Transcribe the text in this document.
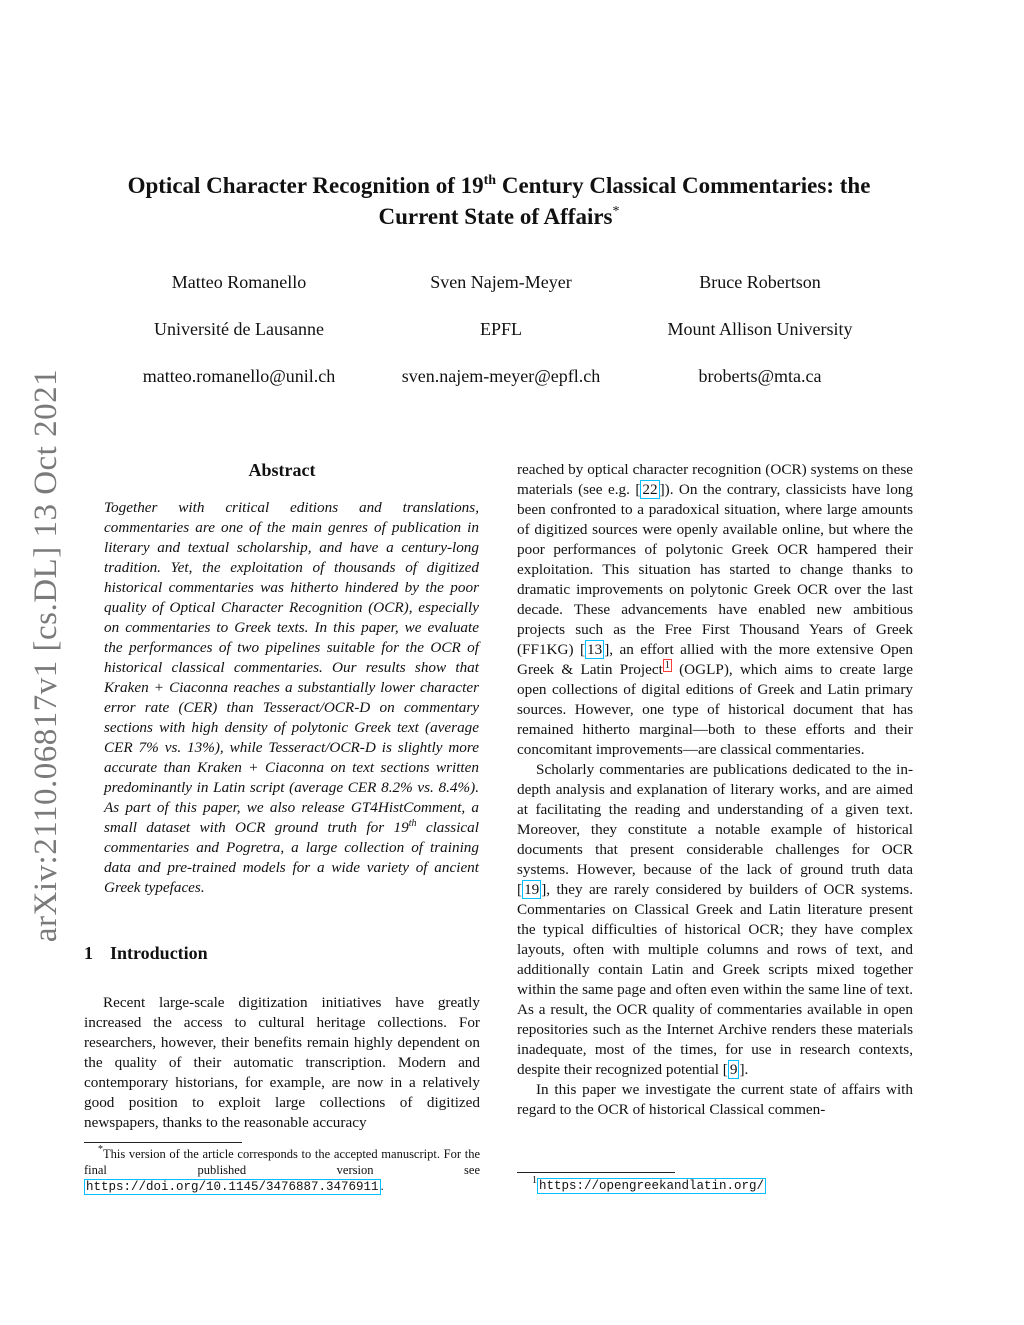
arXiv:2110.06817v1 [cs.DL] 13 Oct 2021
Optical Character Recognition of 19th Century Classical Commentaries: the
Current State of Affairs*
Matteo Romanello
Université de Lausanne
matteo.romanello@unil.ch
Sven Najem-Meyer
EPFL
sven.najem-meyer@epfl.ch
Bruce Robertson
Mount Allison University
broberts@mta.ca
Abstract

Together with critical editions and translations, commentaries are one of the main genres of publication in literary and textual scholarship, and have a century-long tradition. Yet, the exploitation of thousands of digitized historical commentaries was hitherto hindered by the poor quality of Optical Character Recognition (OCR), especially on commentaries to Greek texts. In this paper, we evaluate the performances of two pipelines suitable for the OCR of historical classical commentaries. Our results show that Kraken + Ciaconna reaches a substantially lower character error rate (CER) than Tesseract/OCR-D on commentary sections with high density of polytonic Greek text (average CER 7% vs. 13%), while Tesseract/OCR-D is slightly more accurate than Kraken + Ciaconna on text sections written predominantly in Latin script (average CER 8.2% vs. 8.4%). As part of this paper, we also release GT4HistComment, a small dataset with OCR ground truth for 19th classical commentaries and Pogretra, a large collection of training data and pre-trained models for a wide variety of ancient Greek typefaces.

1 Introduction

Recent large-scale digitization initiatives have greatly increased the access to cultural heritage collections. For researchers, however, their benefits remain highly dependent on the quality of their automatic transcription. Modern and contemporary historians, for example, are now in a relatively good position to exploit large collections of digitized newspapers, thanks to the reasonable accuracy

reached by optical character recognition (OCR) systems on these materials (see e.g. [ 22 ]). On the contrary, classicists have long been confronted to a paradoxical situation, where large amounts of digitized sources were openly available online, but where the poor performances of polytonic Greek OCR hampered their exploitation. This situation has started to change thanks to dramatic improvements on polytonic Greek OCR over the last decade. These advancements have enabled new ambitious projects such as the Free First Thousand Years of Greek (FF1KG) [ 13 ], an effort allied with the more extensive Open Greek & Latin Project $^1$ (OGLP), which aims to create large open collections of digital editions of Greek and Latin primary sources. However, one type of historical document that has remained hitherto marginal—both to these efforts and their concomitant improvements—are classical commentaries.

Scholarly commentaries are publications dedicated to the in-depth analysis and explanation of literary works, and are aimed at facilitating the reading and understanding of a given text. Moreover, they constitute a notable example of historical documents that present considerable challenges for OCR systems. However, because of the lack of ground truth data [ 19 ], they are rarely considered by builders of OCR systems. Commentaries on Classical Greek and Latin literature present the typical difficulties of historical OCR; they have complex layouts, often with multiple columns and rows of text, and additionally contain Latin and Greek scripts mixed together within the same page and often even within the same line of text. As a result, the OCR quality of commentaries available in open repositories such as the Internet Archive renders these materials inadequate, most of the times, for use in research contexts, despite their recognized potential [ 9 ].

In this paper we investigate the current state of affairs with regard to the OCR of historical Classical commen-

*This version of the article corresponds to the accepted manuscript. For the final published version see https://doi.org/10.1145/3476887.3476911 .	$^1$ https://opengreekandlatin.org/
